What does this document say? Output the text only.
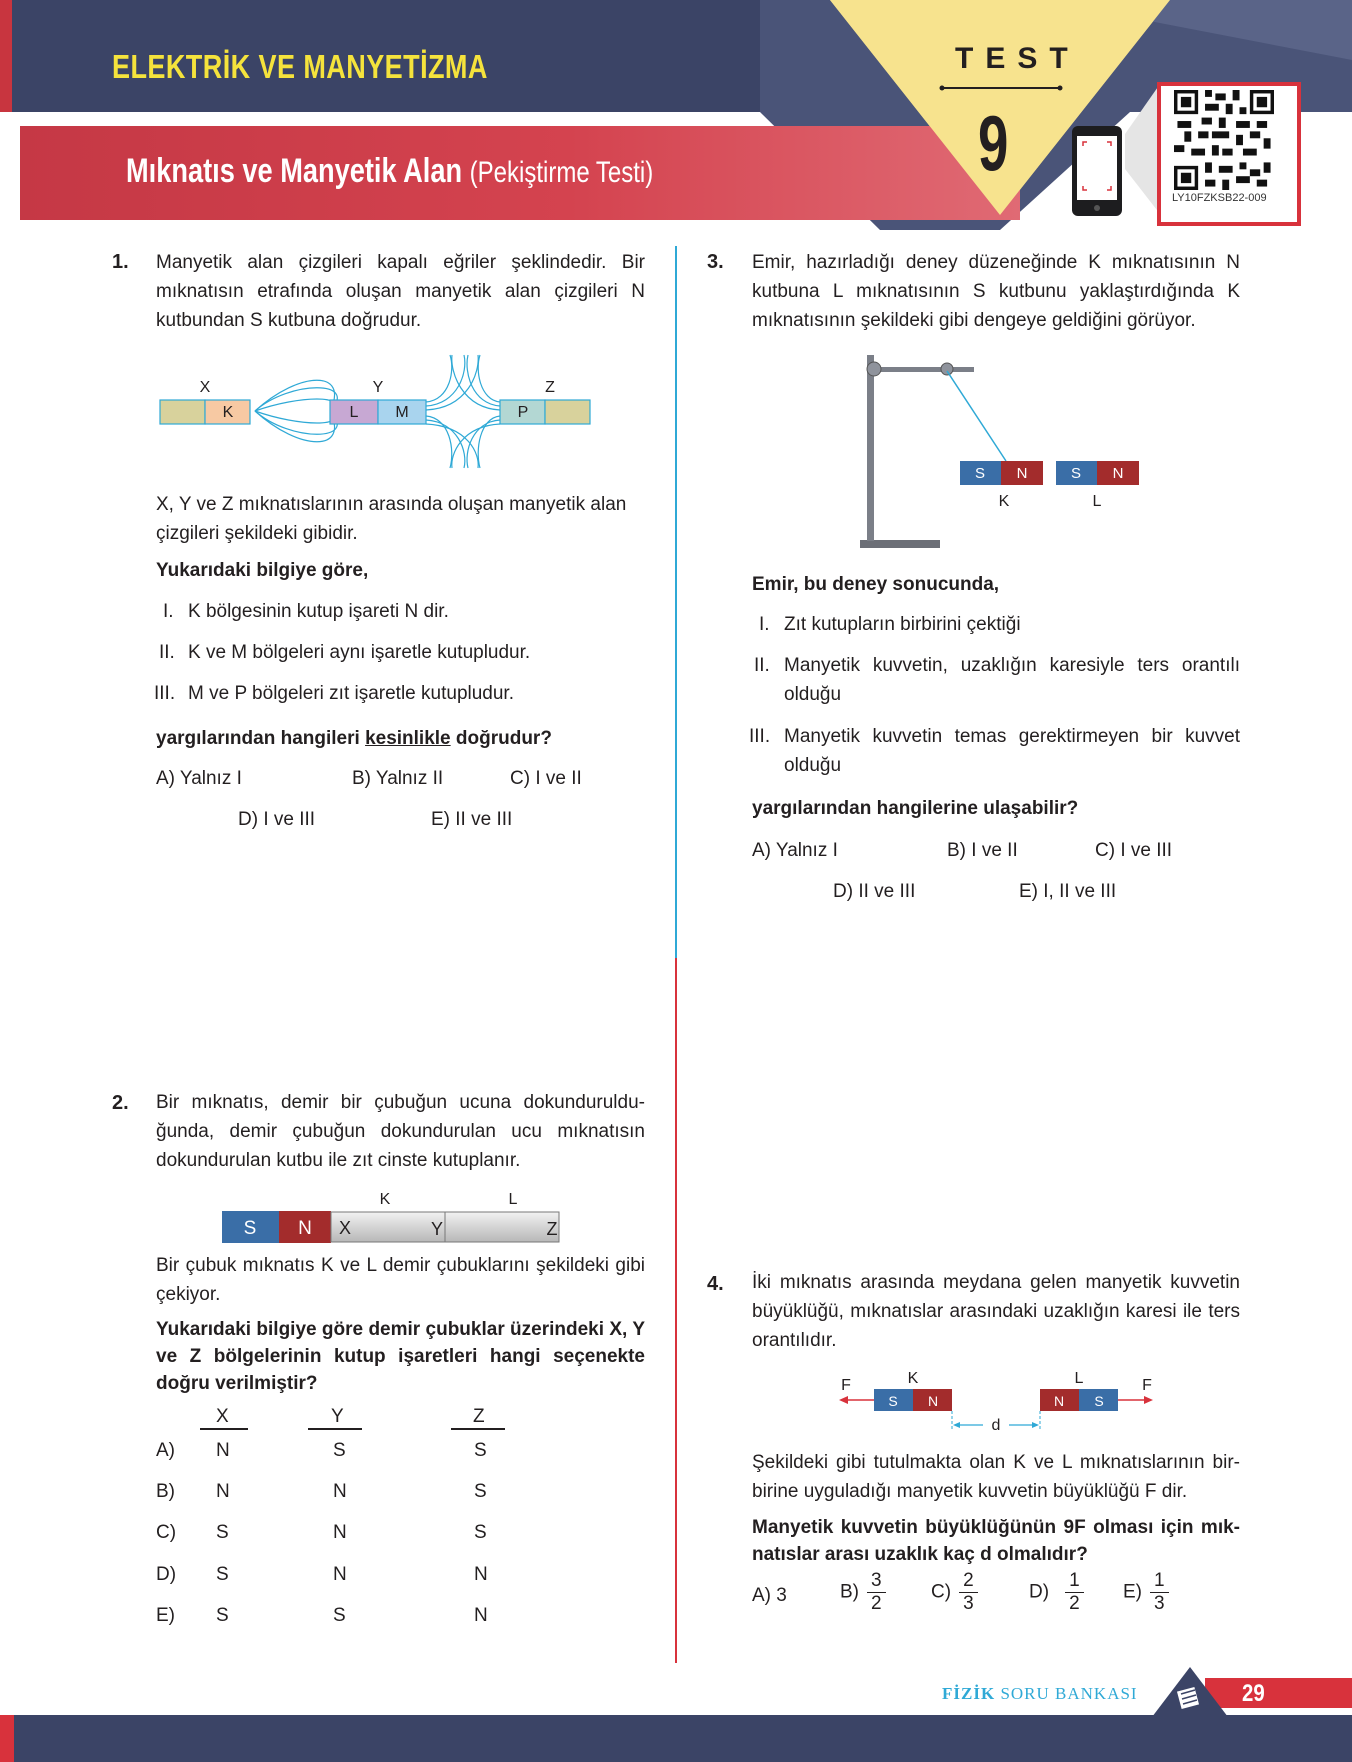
ELEKTRİK VE MANYETİZMA
Mıknatıs ve Manyetik Alan (Pekiştirme Testi)
TEST
9
LY10FZKSB22-009
1. Manyetik alan çizgileri kapalı eğriler şeklindedir. Bir mıknatısın etrafında oluşan manyetik alan çizgileri N kutbundan S kutbuna doğrudur.
X	Y	Z
K	L M	P
X, Y ve Z mıknatıslarının arasında oluşan manyetik alan çizgileri şekildeki gibidir.
Yukarıdaki bilgiye göre,
I. K bölgesinin kutup işareti N dir.
II. K ve M bölgeleri aynı işaretle kutupludur.
III. M ve P bölgeleri zıt işaretle kutupludur.
yargılarından hangileri kesinlikle doğrudur?
A) Yalnız I	B) Yalnız II	C) I ve II
D) I ve III	E) II ve III
2. Bir mıknatıs, demir bir çubuğun ucuna dokundurulduğunda, demir çubuğun dokundurulan ucu mıknatısın dokundurulan kutbu ile zıt cinste kutuplanır.
S N
K	L
X	Y	Z
Bir çubuk mıknatıs K ve L demir çubuklarını şekildeki gibi çekiyor.
Yukarıdaki bilgiye göre demir çubuklar üzerindeki X, Y ve Z bölgelerinin kutup işaretleri hangi seçenekte doğru verilmiştir?
X	Y	Z
A) N	S	S
B) N	N	S
C) S	N	S
D) S	N	N
E) S	S	N
3. Emir, hazırladığı deney düzeneğinde K mıknatısının N kutbuna L mıknatısının S kutbunu yaklaştırdığında K mıknatısının şekildeki gibi dengeye geldiğini görüyor.
S N	S N
K	L
Emir, bu deney sonucunda,
I. Zıt kutupların birbirini çektiği
II. Manyetik kuvvetin, uzaklığın karesiyle ters orantılı olduğu
III. Manyetik kuvvetin temas gerektirmeyen bir kuvvet olduğu
yargılarından hangilerine ulaşabilir?
A) Yalnız I	B) I ve II	C) I ve III
D) II ve III	E) I, II ve III
4. İki mıknatıs arasında meydana gelen manyetik kuvvetin büyüklüğü, mıknatıslar arasındaki uzaklığın karesi ile ters orantılıdır.
F	F
K	L
S N	N S
d
Şekildeki gibi tutulmakta olan K ve L mıknatıslarının birbirine uyguladığı manyetik kuvvetin büyüklüğü F dir.
Manyetik kuvvetin büyüklüğünün 9F olması için mıknatıslar arası uzaklık kaç d olmalıdır?
A) 3	$B) \frac{3}{2} C) \frac{2}{3}$	$D) \frac{1}{2} E) \frac{1}{3}$
FİZİK SORU BANKASI	29
